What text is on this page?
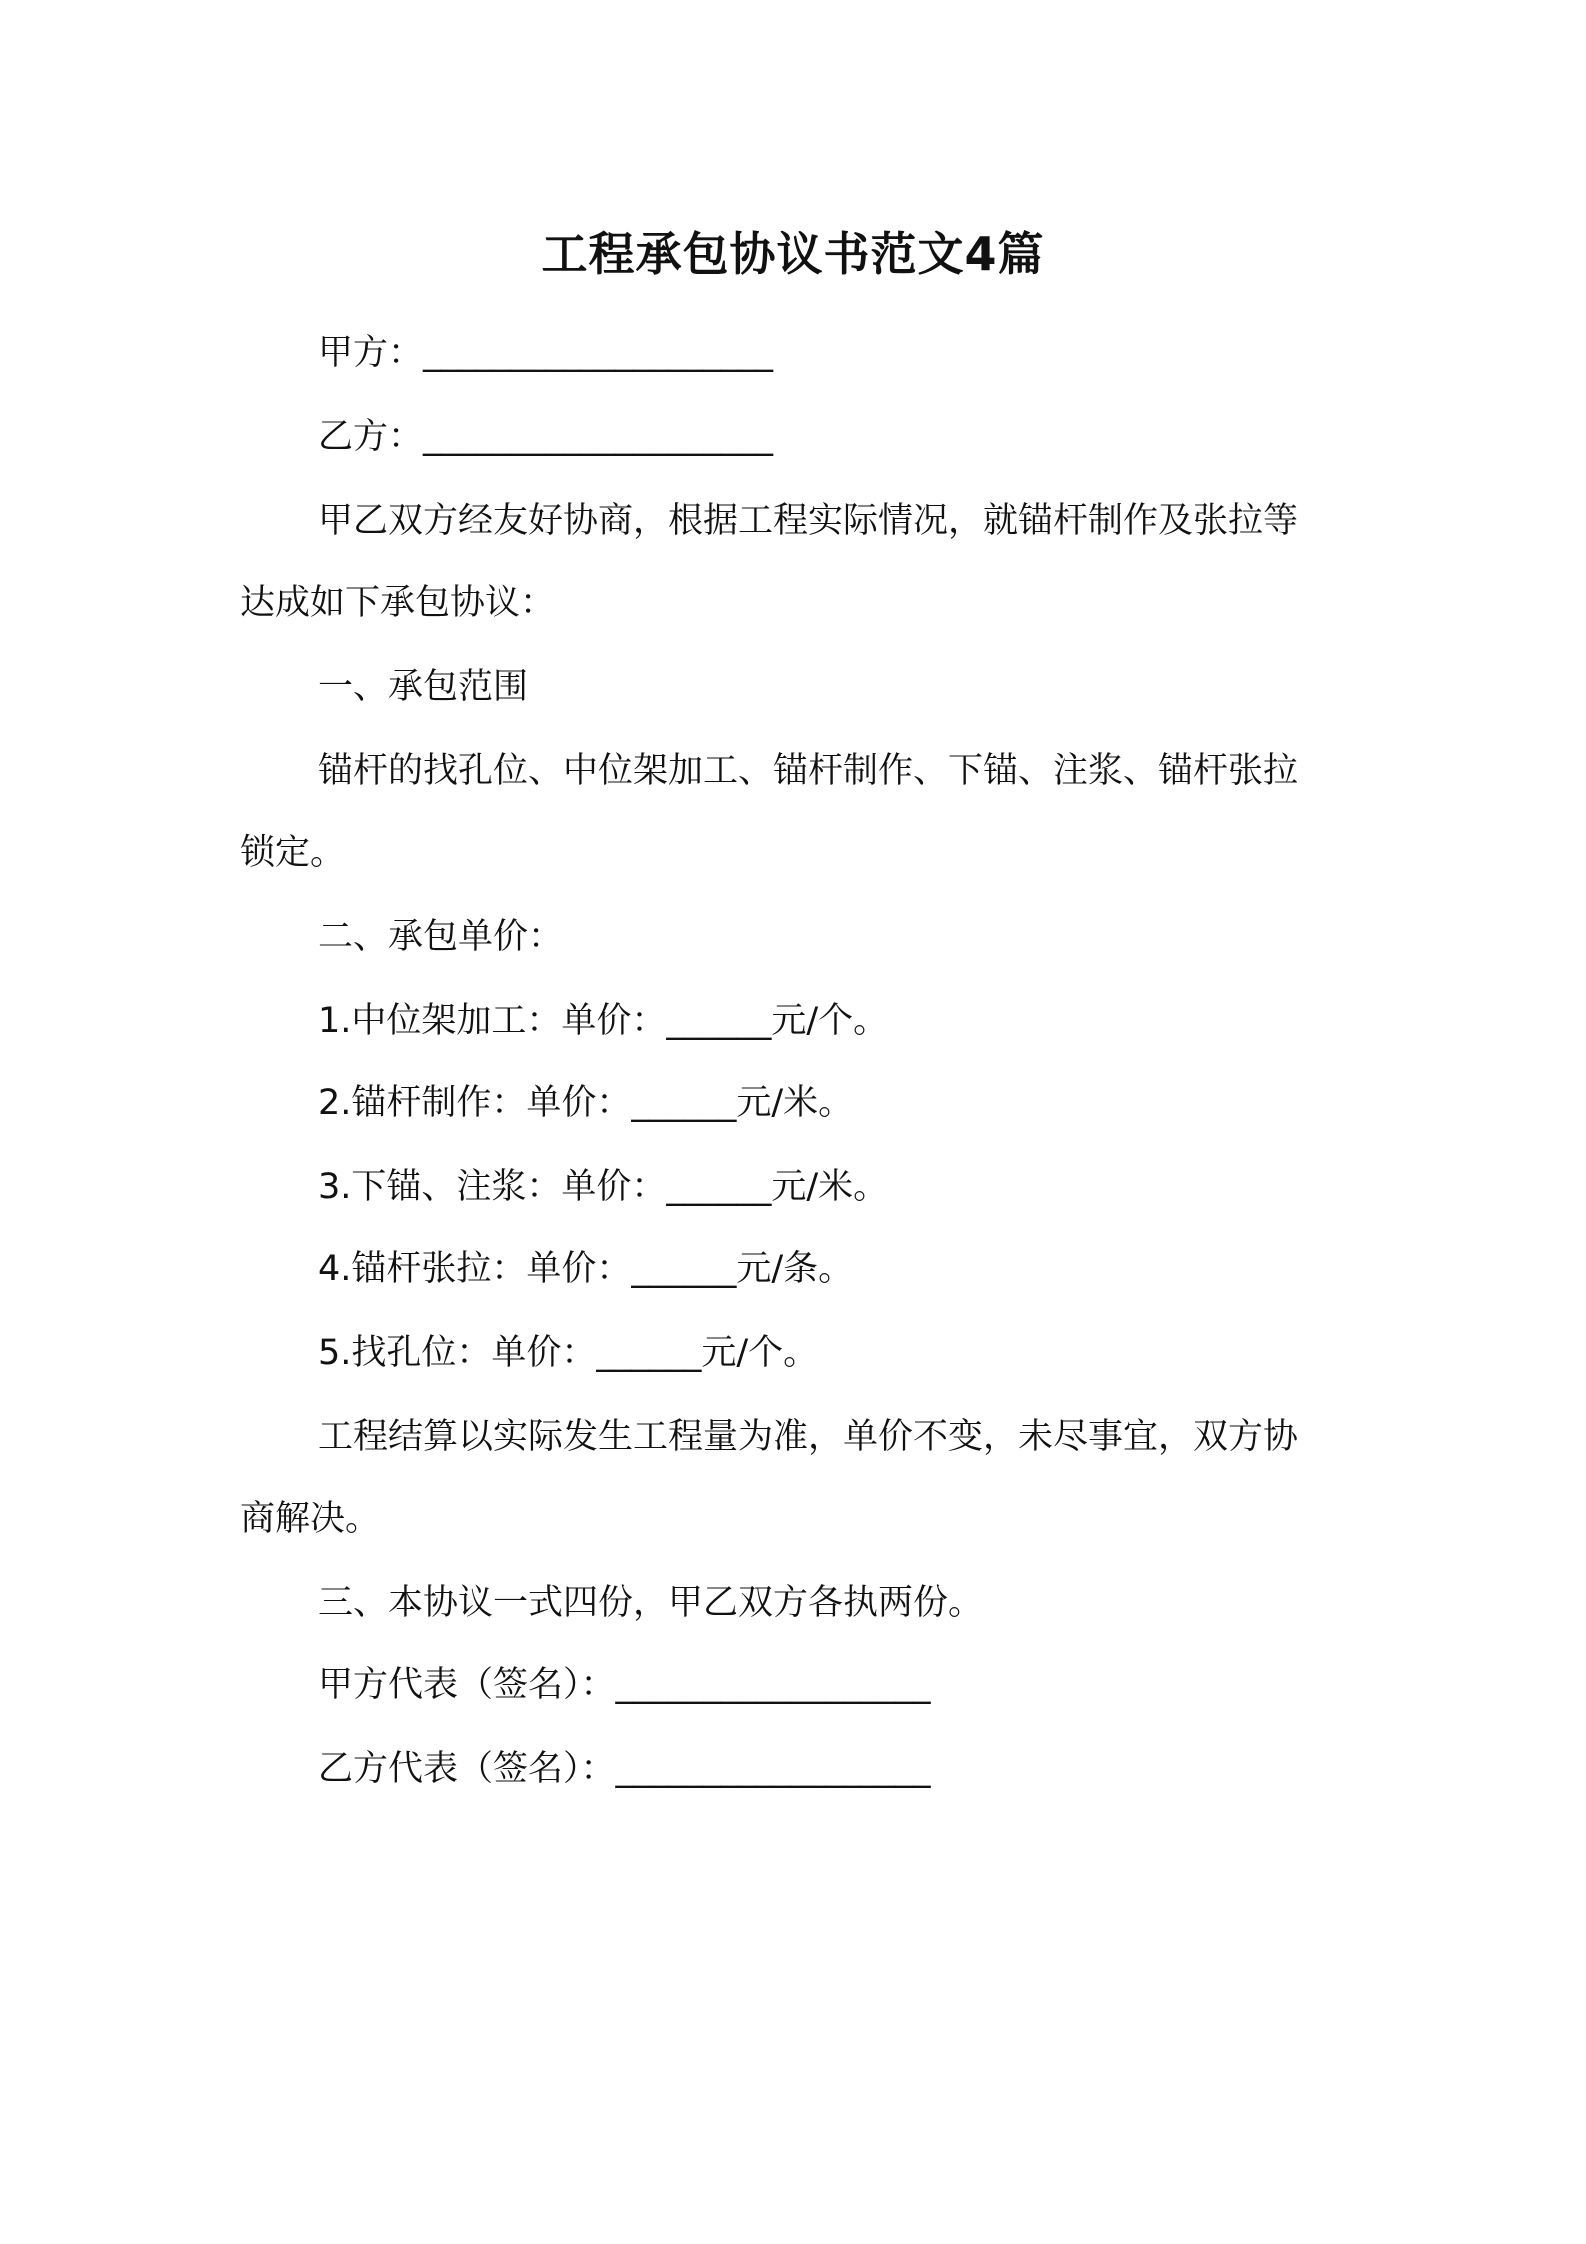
工程承包协议书范文4篇
甲方：____________________
乙方：____________________
甲乙双方经友好协商，根据工程实际情况，就锚杆制作及张拉等
达成如下承包协议：
一、承包范围
锚杆的找孔位、中位架加工、锚杆制作、下锚、注浆、锚杆张拉
锁定。
二、承包单价：
1.中位架加工：单价：______元/个。
2.锚杆制作：单价：______元/米。
3.下锚、注浆：单价：______元/米。
4.锚杆张拉：单价：______元/条。
5.找孔位：单价：______元/个。
工程结算以实际发生工程量为准，单价不变，未尽事宜，双方协
商解决。
三、本协议一式四份，甲乙双方各执两份。
甲方代表（签名）：__________________
乙方代表（签名）：__________________
